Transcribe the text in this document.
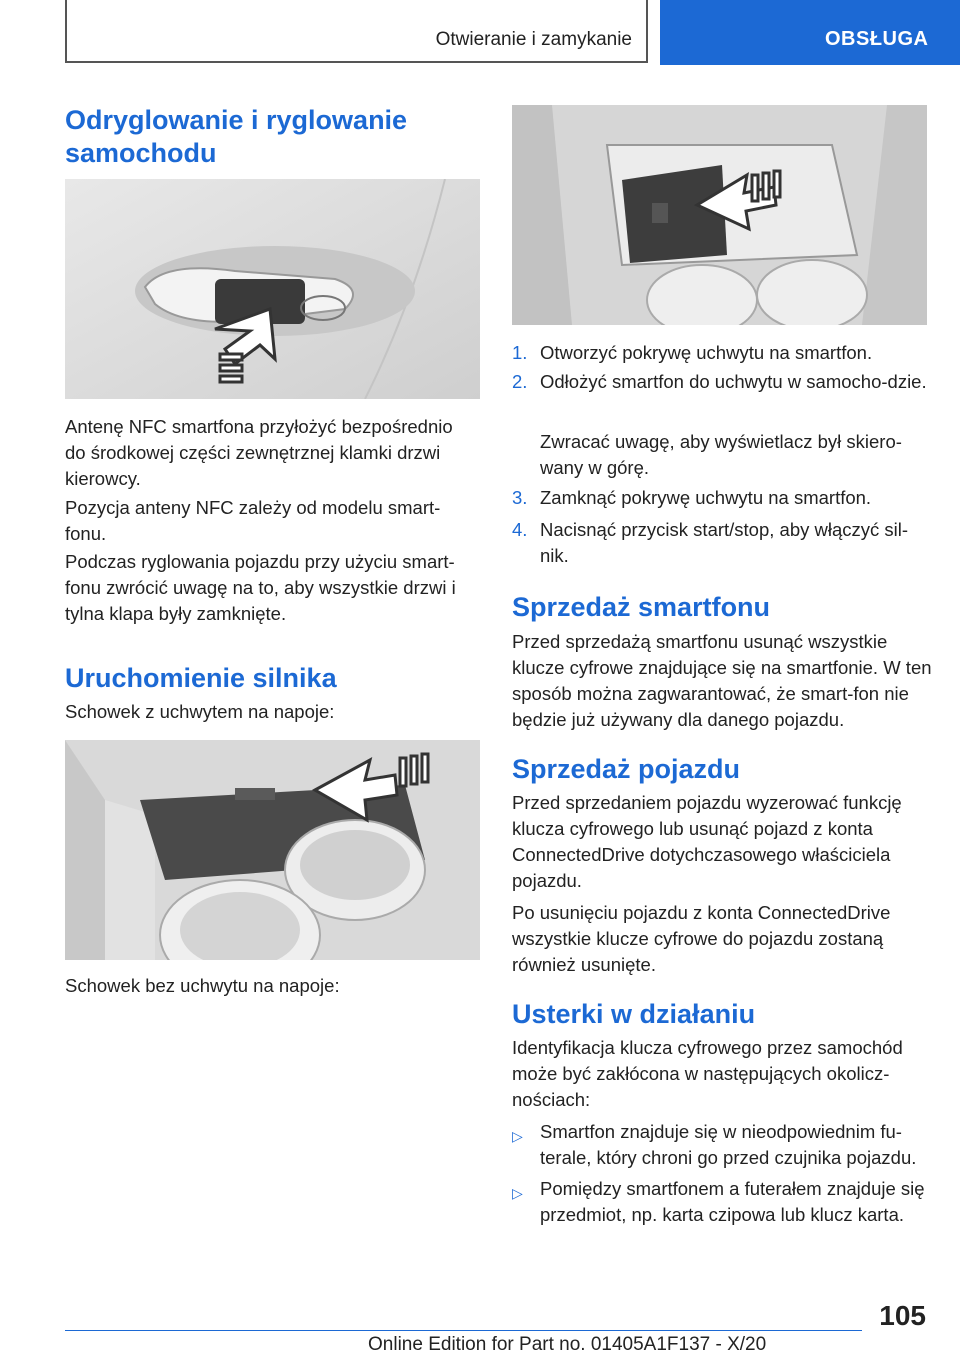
Otwieranie i zamykanie	OBSŁUGA
Odryglowanie i ryglowanie samochodu

Antenę NFC smartfona przyłożyć bezpośrednio do środkowej części zewnętrznej klamki drzwi kierowcy.

Pozycja anteny NFC zależy od modelu smart‐fonu.

Podczas ryglowania pojazdu przy użyciu smart‐fonu zwrócić uwagę na to, aby wszystkie drzwi i tylna klapa były zamknięte.

Uruchomienie silnika

Schowek z uchwytem na napoje:

Schowek bez uchwytu na napoje:

1. Otworzyć pokrywę uchwytu na smartfon.
2. Odłożyć smartfon do uchwytu w samocho‐dzie.
Zwracać uwagę, aby wyświetlacz był skiero‐wany w górę.
3. Zamknąć pokrywę uchwytu na smartfon.
4. Nacisnąć przycisk start/stop, aby włączyć sil‐nik.
Sprzedaż smartfonu

Przed sprzedażą smartfonu usunąć wszystkie klucze cyfrowe znajdujące się na smartfonie. W ten sposób można zagwarantować, że smart‐fon nie będzie już używany dla danego pojazdu.

Sprzedaż pojazdu

Przed sprzedaniem pojazdu wyzerować funkcję klucza cyfrowego lub usunąć pojazd z konta ConnectedDrive dotychczasowego właściciela pojazdu.

Po usunięciu pojazdu z konta ConnectedDrive wszystkie klucze cyfrowe do pojazdu zostaną również usunięte.

Usterki w działaniu

Identyfikacja klucza cyfrowego przez samochód może być zakłócona w następujących okolicz‐nościach:

▷ Smartfon znajduje się w nieodpowiednim fu‐terale, który chroni go przed czujnika pojazdu.
▷ Pomiędzy smartfonem a futerałem znajduje się przedmiot, np. karta czipowa lub klucz karta.
105
Online Edition for Part no. 01405A1F137 - X/20
